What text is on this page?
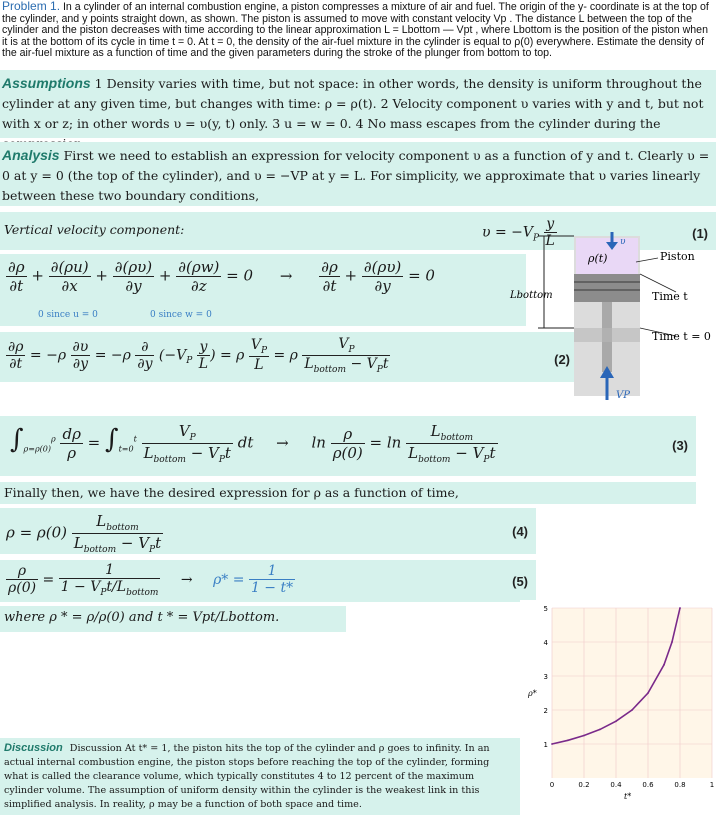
Problem 1. In a cylinder of an internal combustion engine, a piston compresses a mixture of air and fuel. The origin of the y- coordinate is at the top of the cylinder, and y points straight down, as shown. The piston is assumed to move with constant velocity Vp . The distance L between the top of the cylinder and the piston decreases with time according to the linear approximation L = Lbottom — Vpt , where Lbottom is the position of the piston when it is at the bottom of its cycle in time t = 0. At t = 0, the density of the air-fuel mixture in the cylinder is equal to ρ(0) everywhere. Estimate the density of the air-fuel mixture as a function of time and the given parameters during the stroke of the plunger from bottom to top.
Assumptions 1 Density varies with time, but not space: in other words, the density is uniform throughout the cylinder at any given time, but changes with time: ρ = ρ(t). 2 Velocity component υ varies with y and t, but not with x or z; in other words υ = υ(y, t) only. 3 u = w = 0. 4 No mass escapes from the cylinder during the
Analysis First we need to establish an expression for velocity component υ as a function of y and t. Clearly υ = 0 at y = 0 (the top of the cylinder), and υ = −VP at y = L. For simplicity, we approximate that υ varies linearly between these two boundary conditions,
Vertical velocity component:	$\upsilon = -V_P \frac{y}{L}$	(1)
$\frac{\partial\rho}{\partial t} + \frac{\partial(\rho u)}{\partial x} + \frac{\partial(\rho\upsilon)}{\partial y} + \frac{\partial(\rho w)}{\partial z} = 0 \to \frac{\partial\rho}{\partial t} + \frac{\partial(\rho\upsilon)}{\partial y} = 0$
0 since u = 0	0 since w = 0
$\frac{\partial\rho}{\partial t} = -\rho \frac{\partial\upsilon}{\partial y} = -\rho \frac{\partial}{\partial y} (-V_P \frac{y}{L}$ ) = ρ $\frac{V_P}{L} = \rho \frac{V_P}{L_{bottom} - V_Pt}$	(2)
ρ(t)	Piston
Time t
Time t = 0
Lbottom
VP
υ
$\int_{\rho=\rho(0)}^\rho \frac{d\rho}{\rho} = \int_{t=0}^t \frac{V_P}{L_{bottom} - V_Pt}$ dt → $\ln \frac{\rho}{\rho(0)} = \ln \frac{L_{bottom}}{L_{bottom} - V_Pt}$	(3)
Finally then, we have the desired expression for ρ as a function of time,
$\rho = \rho(0) \frac{L_{bottom}}{L_{bottom} - V_Pt}$	(4)
$\frac{\rho}{\rho(0)} = \frac{1}{1 - V_Pt/L_{bottom}} \to \rho* = \frac{1}{1 - t*}$	(5)
where ρ * = ρ/ρ(0) and t * = Vpt/Lbottom.
1
2
3
4
5
0	0.2	0.4	0.6	0.8	1
ρ*
t*
Discussion Discussion At t* = 1, the piston hits the top of the cylinder and ρ goes to infinity. In an actual internal combustion engine, the piston stops before reaching the top of the cylinder, forming what is called the clearance volume, which typically constitutes 4 to 12 percent of the maximum cylinder volume. The assumption of uniform density within the cylinder is the weakest link in this simplified analysis. In reality, ρ may be a function of both space and time.
